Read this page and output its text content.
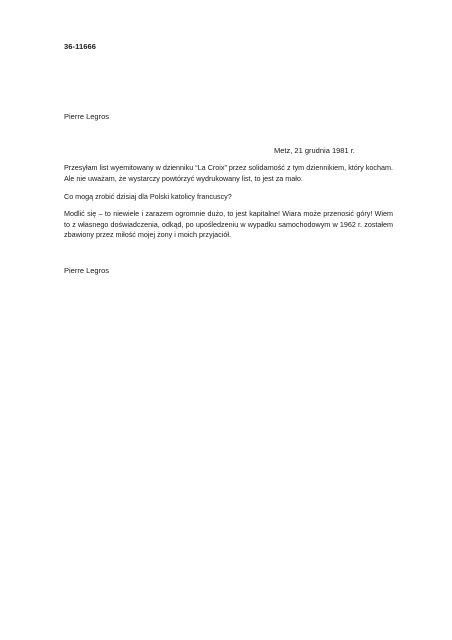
36-11666
Pierre Legros
Metz, 21 grudnia 1981 r.

Przesyłam list wyemitowany w dzienniku “La Croix” przez solidarność z tym dziennikiem, który kocham. Ale nie uważam, że wystarczy powtórzyć wydrukowany list, to jest za mało.

Co mogą zrobić dzisiaj dla Polski katolicy francuscy?

Modlić się – to niewiele i zarazem ogromnie dużo, to jest kapitalne! Wiara może przenosić góry! Wiem to z własnego doświadczenia, odkąd, po upośledzeniu w wypadku samochodowym w 1962 r. zostałem zbawiony przez miłość mojej żony i moich przyjaciół.

Pierre Legros
